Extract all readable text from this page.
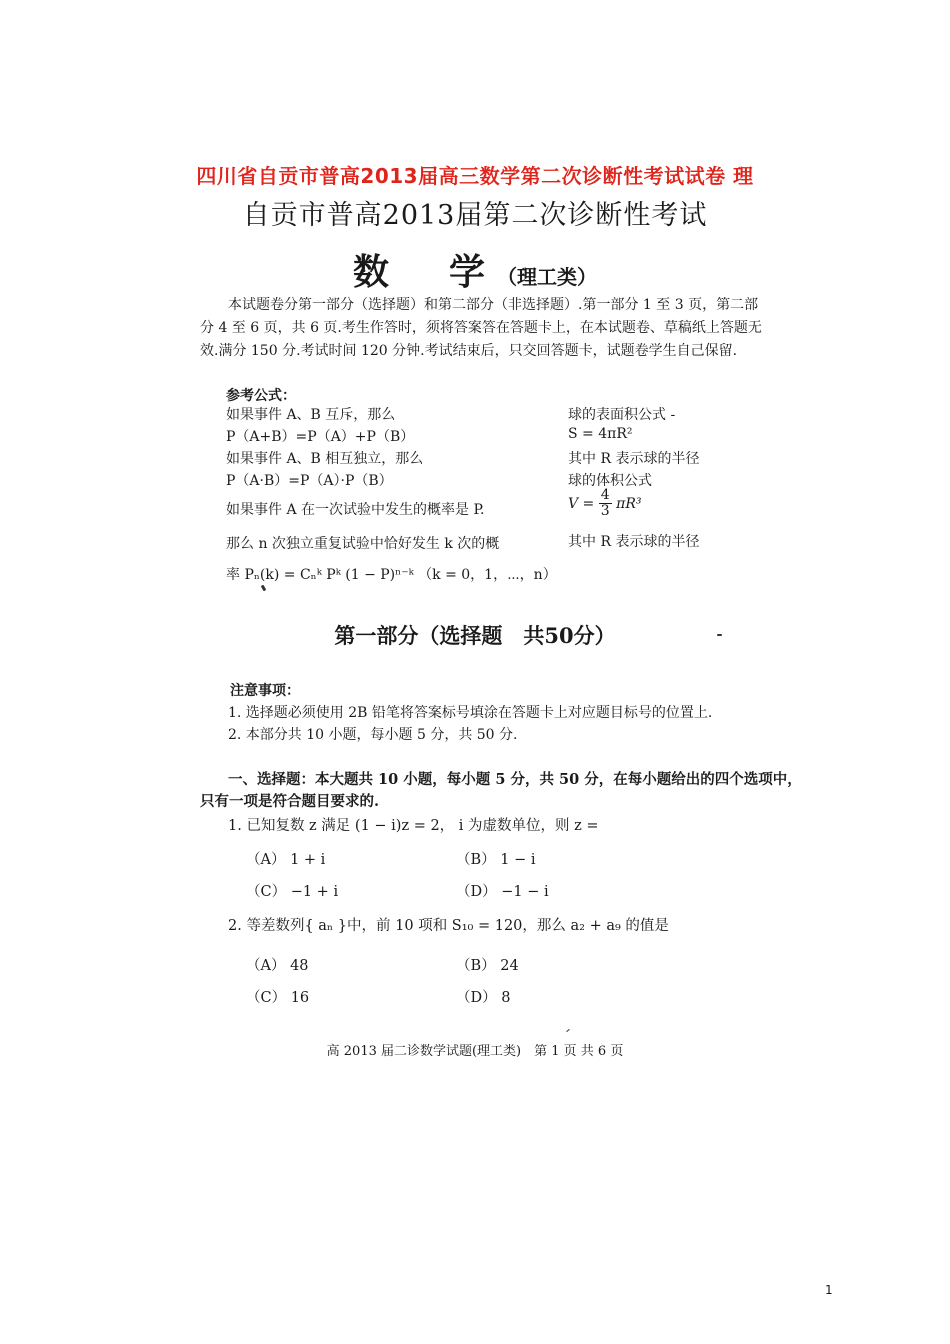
四川省自贡市普高2013届高三数学第二次诊断性考试试卷 理
自贡市普高2013届第二次诊断性考试
数　学（理工类）
本试题卷分第一部分（选择题）和第二部分（非选择题）.第一部分 1 至 3 页，第二部
分 4 至 6 页，共 6 页.考生作答时，须将答案答在答题卡上，在本试题卷、草稿纸上答题无
效.满分 150 分.考试时间 120 分钟.考试结束后，只交回答题卡，试题卷学生自己保留.
参考公式：
如果事件 A、B 互斥，那么
P（A+B）=P（A）+P（B）
如果事件 A、B 相互独立，那么
P（A·B）=P（A）·P（B）
如果事件 A 在一次试验中发生的概率是 P.
那么 n 次独立重复试验中恰好发生 k 次的概
率 Pₙ(k) = Cₙᵏ Pᵏ (1 − P)ⁿ⁻ᵏ （k = 0，1，⋯，n）
球的表面积公式 -
S = 4πR²
其中 R 表示球的半径
球的体积公式
$V = \frac{4}{3} \pi R^3$
其中 R 表示球的半径
第一部分（选择题　共50分）
注意事项：
1. 选择题必须使用 2B 铅笔将答案标号填涂在答题卡上对应题目标号的位置上.
2. 本部分共 10 小题，每小题 5 分，共 50 分.
一、选择题：本大题共 10 小题，每小题 5 分，共 50 分，在每小题给出的四个选项中，
只有一项是符合题目要求的.
1. 已知复数 z 满足 (1 − i)z = 2， i 为虚数单位，则 z =
（A） 1 + i	（B） 1 − i
（C） −1 + i	（D） −1 − i
2. 等差数列{ aₙ }中，前 10 项和 S₁₀ = 120，那么 a₂ + a₉ 的值是
（A） 48	（B） 24
（C） 16	（D） 8
高 2013 届二诊数学试题(理工类)　第 1 页 共 6 页
1
